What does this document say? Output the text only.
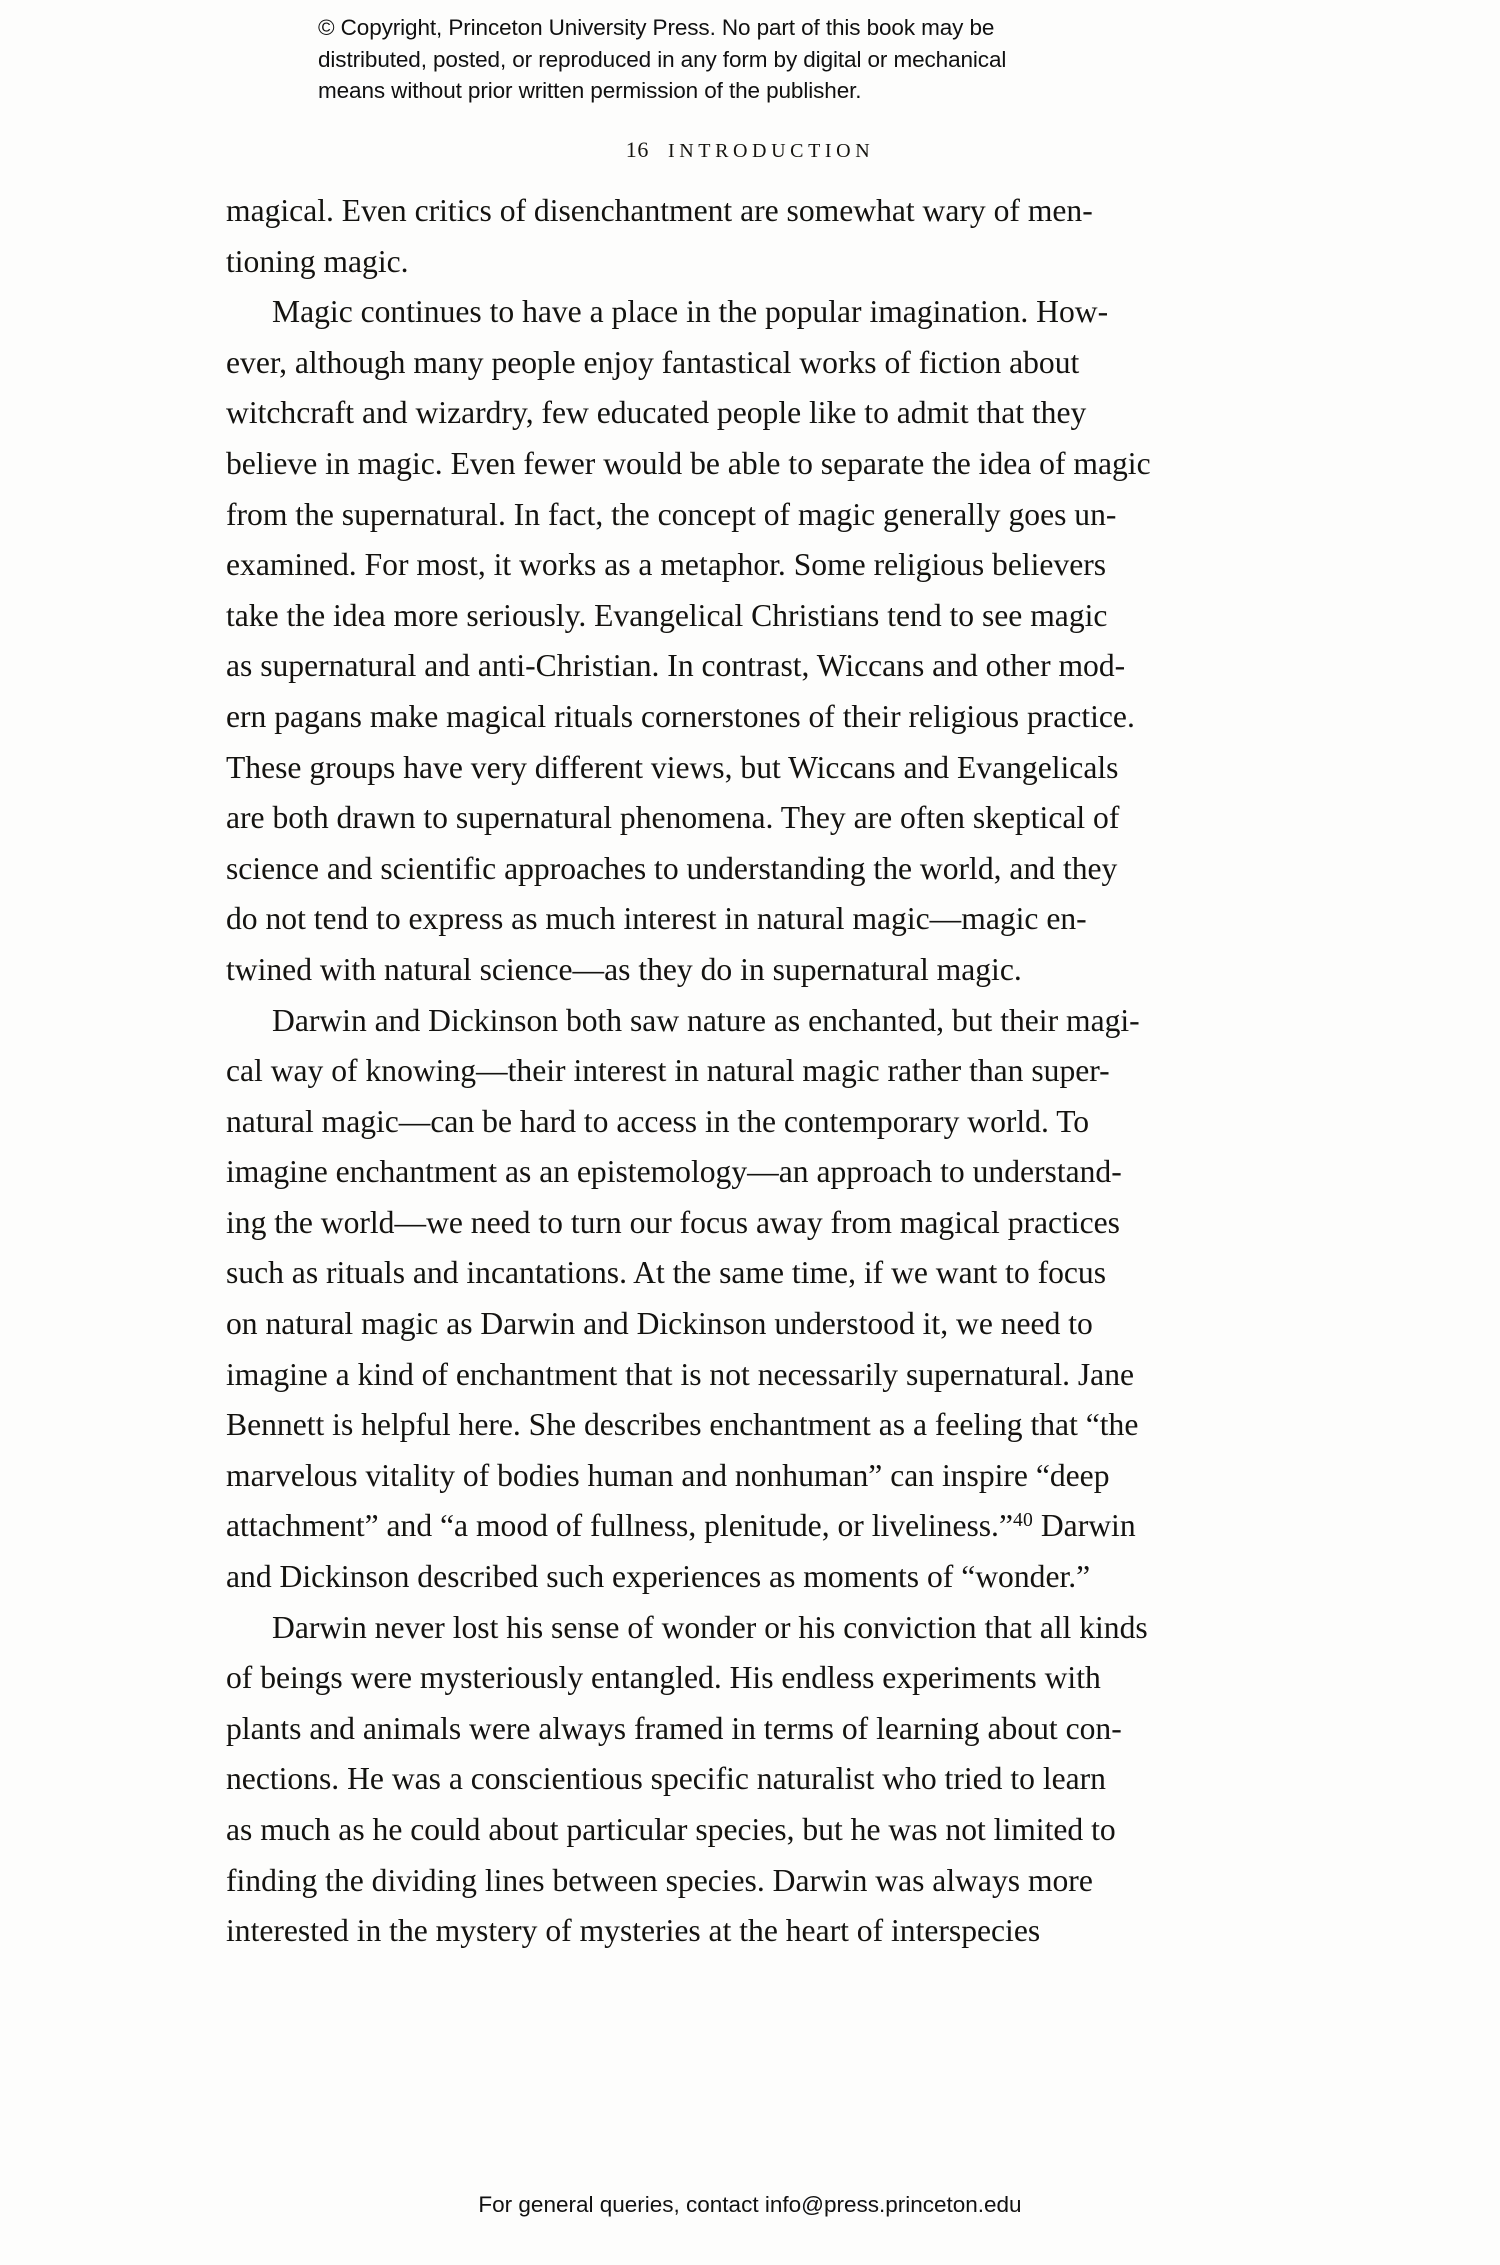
© Copyright, Princeton University Press. No part of this book may be
distributed, posted, or reproduced in any form by digital or mechanical
means without prior written permission of the publisher.
16 INTRODUCTION

magical. Even critics of disenchantment are somewhat wary of men-
tioning magic.

Magic continues to have a place in the popular imagination. How-
ever, although many people enjoy fantastical works of fiction about
witchcraft and wizardry, few educated people like to admit that they
believe in magic. Even fewer would be able to separate the idea of magic
from the supernatural. In fact, the concept of magic generally goes un-
examined. For most, it works as a metaphor. Some religious believers
take the idea more seriously. Evangelical Christians tend to see magic
as supernatural and anti-Christian. In contrast, Wiccans and other mod-
ern pagans make magical rituals cornerstones of their religious practice.
These groups have very different views, but Wiccans and Evangelicals
are both drawn to supernatural phenomena. They are often skeptical of
science and scientific approaches to understanding the world, and they
do not tend to express as much interest in natural magic—magic en-
twined with natural science—as they do in supernatural magic.

Darwin and Dickinson both saw nature as enchanted, but their magi-
cal way of knowing—their interest in natural magic rather than super-
natural magic—can be hard to access in the contemporary world. To
imagine enchantment as an epistemology—an approach to understand-
ing the world—we need to turn our focus away from magical practices
such as rituals and incantations. At the same time, if we want to focus
on natural magic as Darwin and Dickinson understood it, we need to
imagine a kind of enchantment that is not necessarily supernatural. Jane
Bennett is helpful here. She describes enchantment as a feeling that “the
marvelous vitality of bodies human and nonhuman” can inspire “deep
attachment” and “a mood of fullness, plenitude, or liveliness.”$^{40}$ Darwin
and Dickinson described such experiences as moments of “wonder.”

Darwin never lost his sense of wonder or his conviction that all kinds
of beings were mysteriously entangled. His endless experiments with
plants and animals were always framed in terms of learning about con-
nections. He was a conscientious specific naturalist who tried to learn
as much as he could about particular species, but he was not limited to
finding the dividing lines between species. Darwin was always more
interested in the mystery of mysteries at the heart of interspecies

For general queries, contact info@press.princeton.edu
